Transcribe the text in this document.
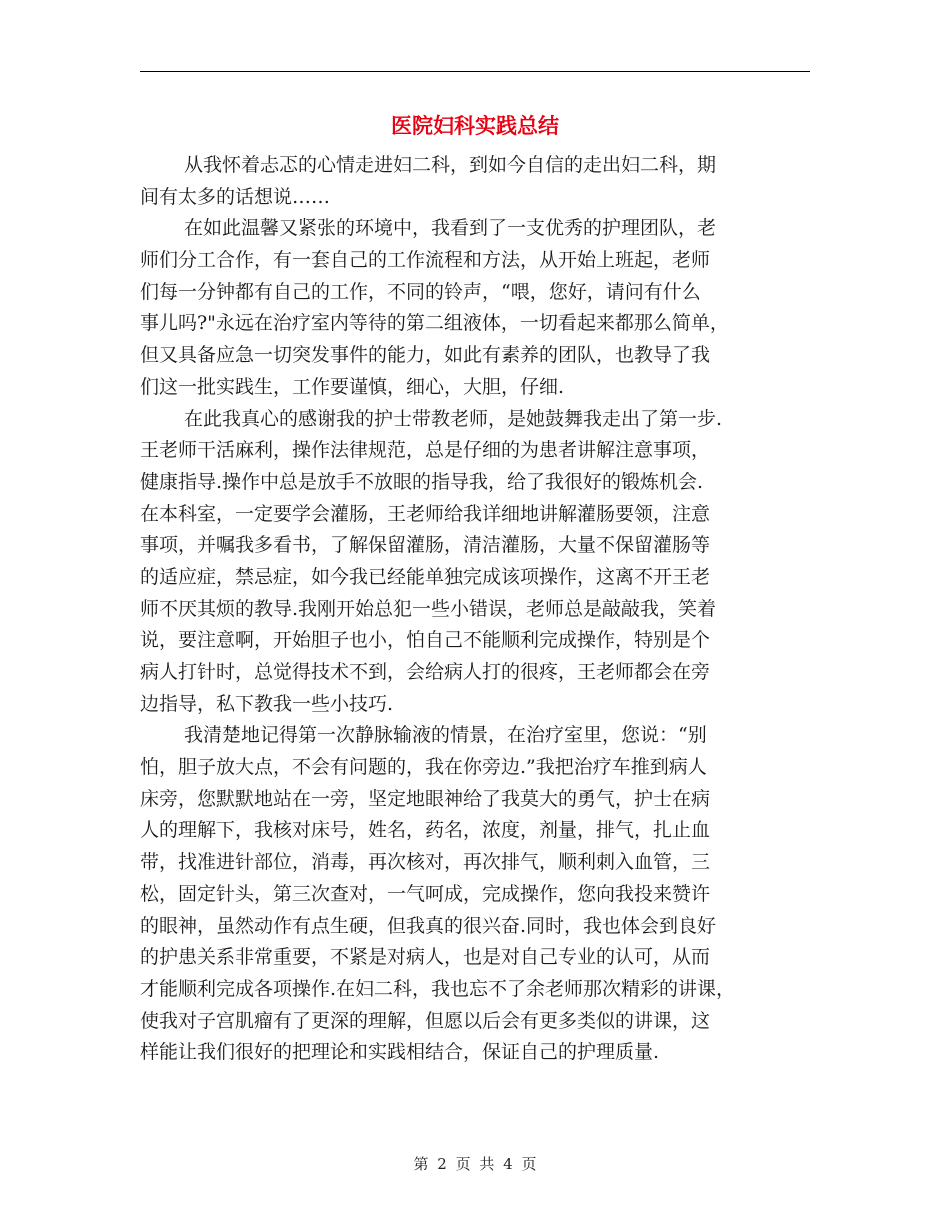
医院妇科实践总结
从我怀着忐忑的心情走进妇二科，到如今自信的走出妇二科，期
间有太多的话想说……
在如此温馨又紧张的环境中，我看到了一支优秀的护理团队，老
师们分工合作，有一套自己的工作流程和方法，从开始上班起，老师
们每一分钟都有自己的工作，不同的铃声，“喂，您好，请问有什么
事儿吗?"永远在治疗室内等待的第二组液体，一切看起来都那么简单，
但又具备应急一切突发事件的能力，如此有素养的团队，也教导了我
们这一批实践生，工作要谨慎，细心，大胆，仔细.
在此我真心的感谢我的护士带教老师，是她鼓舞我走出了第一步.
王老师干活麻利，操作法律规范，总是仔细的为患者讲解注意事项，
健康指导.操作中总是放手不放眼的指导我，给了我很好的锻炼机会.
在本科室，一定要学会灌肠，王老师给我详细地讲解灌肠要领，注意
事项，并嘱我多看书，了解保留灌肠，清洁灌肠，大量不保留灌肠等
的适应症，禁忌症，如今我已经能单独完成该项操作，这离不开王老
师不厌其烦的教导.我刚开始总犯一些小错误，老师总是敲敲我，笑着
说，要注意啊，开始胆子也小，怕自己不能顺利完成操作，特别是个
病人打针时，总觉得技术不到，会给病人打的很疼，王老师都会在旁
边指导，私下教我一些小技巧.
我清楚地记得第一次静脉输液的情景，在治疗室里，您说：“别
怕，胆子放大点，不会有问题的，我在你旁边.”我把治疗车推到病人
床旁，您默默地站在一旁，坚定地眼神给了我莫大的勇气，护士在病
人的理解下，我核对床号，姓名，药名，浓度，剂量，排气，扎止血
带，找准进针部位，消毒，再次核对，再次排气，顺利刺入血管，三
松，固定针头，第三次查对，一气呵成，完成操作，您向我投来赞许
的眼神，虽然动作有点生硬，但我真的很兴奋.同时，我也体会到良好
的护患关系非常重要，不紧是对病人，也是对自己专业的认可，从而
才能顺利完成各项操作.在妇二科，我也忘不了余老师那次精彩的讲课，
使我对子宫肌瘤有了更深的理解，但愿以后会有更多类似的讲课，这
样能让我们很好的把理论和实践相结合，保证自己的护理质量.
第 2 页 共 4 页
